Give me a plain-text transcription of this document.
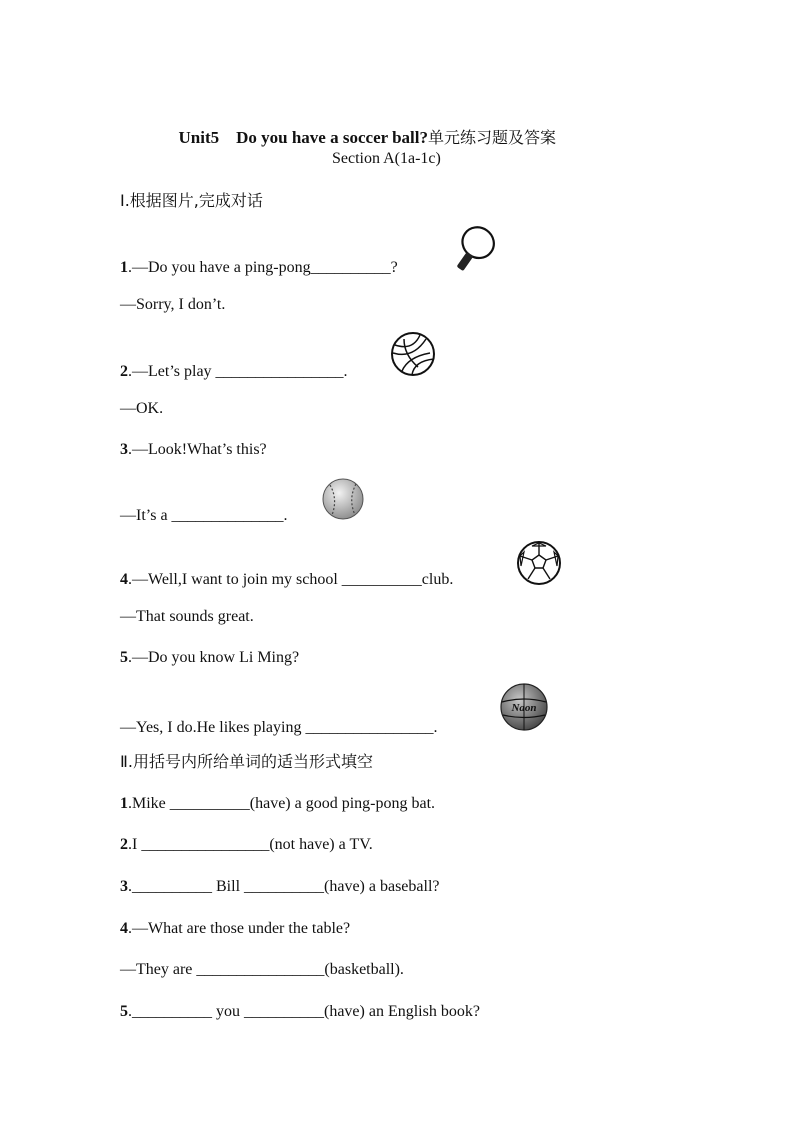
Unit5 Do you have a soccer ball?单元练习题及答案

Section A(1a-1c)
Ⅰ.根据图片,完成对话
1.—Do you have a ping-pong__________?
—Sorry, I don’t.
2.—Let’s play ________________.
—OK.
3.—Look!What’s this?
—It’s a ______________.
4.—Well,I want to join my school __________club.
—That sounds great.
5.—Do you know Li Ming?
—Yes, I do.He likes playing ________________.
Naon
Ⅱ.用括号内所给单词的适当形式填空
1.Mike __________(have) a good ping-pong bat.
2.I ________________(not have) a TV.
3.__________ Bill __________(have) a baseball?
4.—What are those under the table?
—They are ________________(basketball).
5.__________ you __________(have) an English book?
